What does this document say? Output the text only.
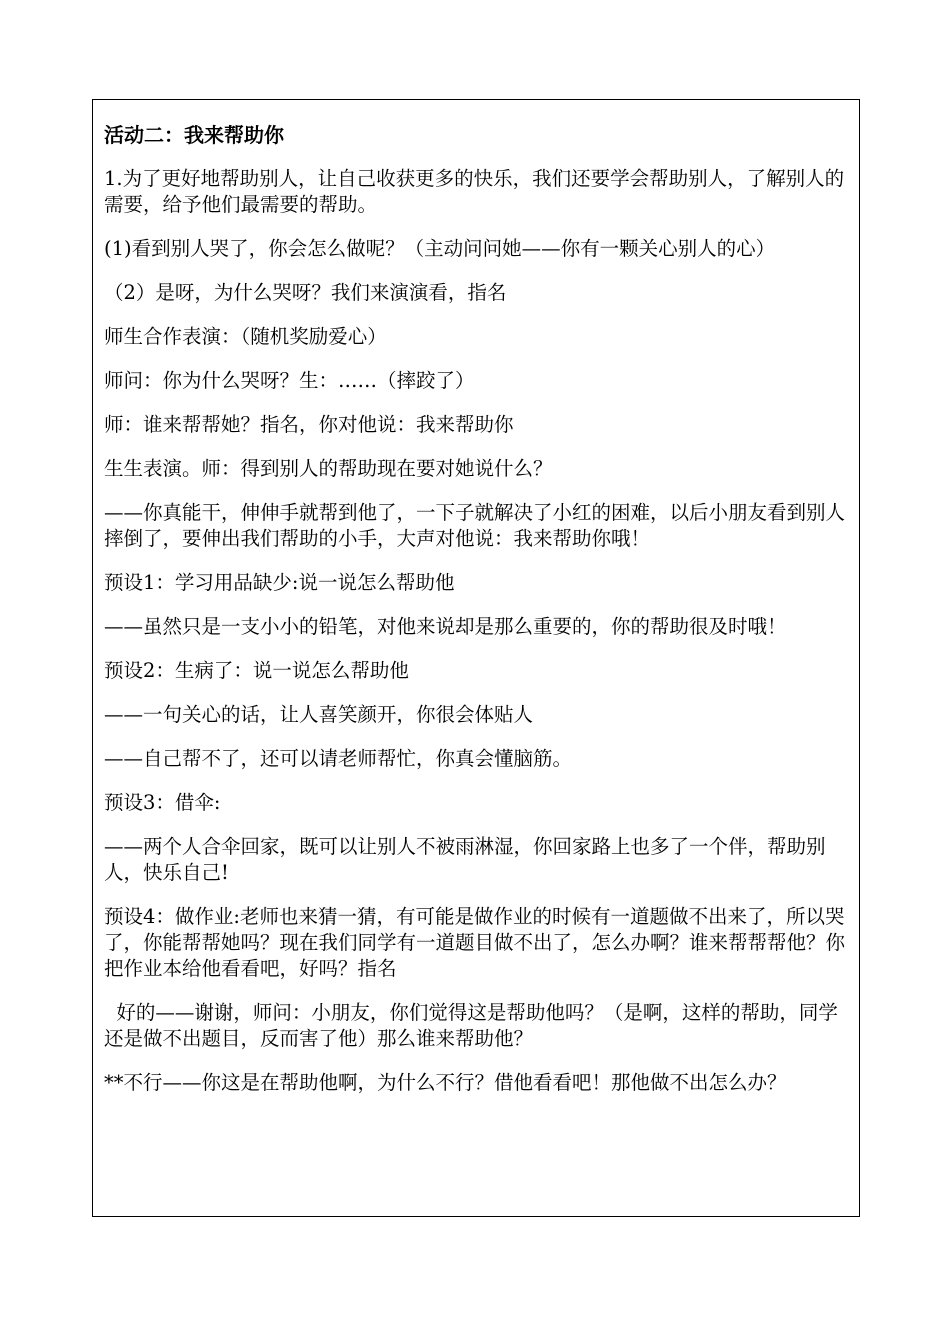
活动二：我来帮助你

1.为了更好地帮助别人，让自己收获更多的快乐，我们还要学会帮助别人，了解别人的需要，给予他们最需要的帮助。

(1)看到别人哭了，你会怎么做呢？（主动问问她——你有一颗关心别人的心）

（2）是呀，为什么哭呀？我们来演演看，指名

师生合作表演：（随机奖励爱心）

师问：你为什么哭呀？生：……（摔跤了）

师：谁来帮帮她？指名，你对他说：我来帮助你

生生表演。师：得到别人的帮助现在要对她说什么？

——你真能干，伸伸手就帮到他了，一下子就解决了小红的困难，以后小朋友看到别人摔倒了，要伸出我们帮助的小手，大声对他说：我来帮助你哦！

预设1：学习用品缺少:说一说怎么帮助他

——虽然只是一支小小的铅笔，对他来说却是那么重要的，你的帮助很及时哦！

预设2：生病了：说一说怎么帮助他

——一句关心的话，让人喜笑颜开，你很会体贴人

——自己帮不了，还可以请老师帮忙，你真会懂脑筋。

预设3：借伞:

——两个人合伞回家，既可以让别人不被雨淋湿，你回家路上也多了一个伴，帮助别人，快乐自己!

预设4：做作业:老师也来猜一猜，有可能是做作业的时候有一道题做不出来了，所以哭了，你能帮帮她吗？现在我们同学有一道题目做不出了，怎么办啊？谁来帮帮帮他？你把作业本给他看看吧，好吗？指名

好的——谢谢，师问：小朋友，你们觉得这是帮助他吗？（是啊，这样的帮助，同学还是做不出题目，反而害了他）那么谁来帮助他？

**不行——你这是在帮助他啊，为什么不行？借他看看吧！那他做不出怎么办？
